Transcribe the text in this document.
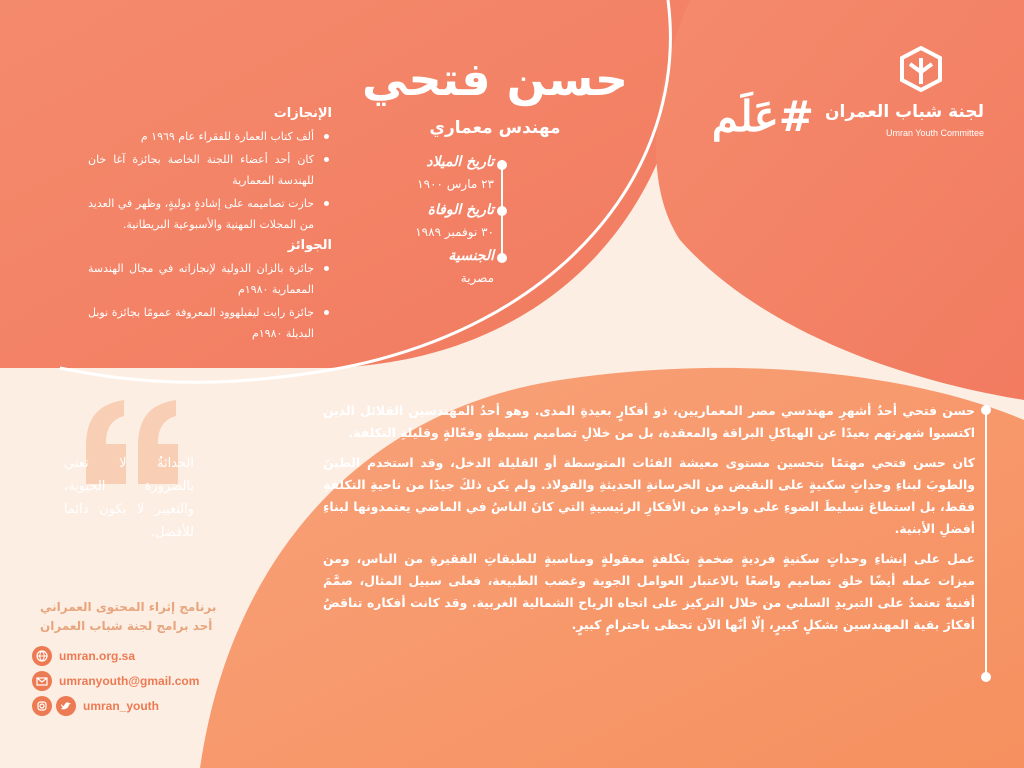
لجنة شباب العمران
Umran Youth Committee
#عَلَم
حسن فتحي
مهندس معماري
تاريخ الميلاد
٢٣ مارس ١٩٠٠
تاريخ الوفاة
٣٠ نوفمبر ١٩٨٩
الجنسية
مصرية
الإنجازات
ألف كتاب العمارة للفقراء عام ١٩٦٩ م
كان أحد أعضاء اللجنة الخاصة بجائزة آغا خان للهندسة المعمارية
حازت تصاميمه على إشادةٍ دوليةٍ، وظهر في العديد من المجلات المهنية والأسبوعية البريطانية.
الجوائز
جائزة بالزان الدولية لإنجازاته في مجال الهندسة المعمارية ١٩٨٠م
جائزة رايت ليفيلهوود المعروفة عمومًا بجائزة نوبل البديلة ١٩٨٠م
الحداثةُ لا تعني بالضرورة الحيوية، والتغيير لا يكون دائما للأفضل.
برنامج إثراء المحتوى العمراني
أحد برامج لجنة شباب العمران
umran.org.sa
umranyouth@gmail.com
umran_youth

حسن فتحي أحدُ أشهرِ مهندسي مصر المعماريين، ذو أفكارٍ بعيدةِ المدى. وهو أحدُ المهندسين القلائل الذين اكتسبوا شهرتهم بعيدًا عن الهياكلِ البراقة والمعقدة، بل من خلالِ تصاميم بسيطةٍ وفعّالةٍ وقليلةِ التكلفة.

كان حسن فتحي مهتمًا بتحسين مستوى معيشة الفئات المتوسطة أو القليلة الدخل، وقد استخدم الطينَ والطوبَ لبناءِ وحداتٍ سكنيةٍ على النقيض من الخرسانةِ الحديثةِ والفولاذ. ولم يكن ذلكَ جيدًا من ناحيةِ التكلفةِ فقط، بل استطاعَ تسليطَ الضوءِ على واحدةٍ من الأفكارِ الرئيسيةِ التي كانَ الناسُ في الماضي يعتمدونها لبناءِ أفضلِ الأبنية.

عمل على إنشاءِ وحداتٍ سكنيةٍ فرديةٍ ضخمةٍ بتكلفةٍ معقولةٍ ومناسبةٍ للطبقاتِ الفقيرةِ من الناس، ومن ميزات عمله أيضًا خلق تصاميم واضعًا بالاعتبار العوامل الجوية وغضب الطبيعة، فعلى سبيل المثال، صمَّمَ أفنيةً تعتمدُ على التبريدِ السلبي من خلال التركيز على اتجاه الرياح الشمالية الغربية. وقد كانت أفكاره تناقضُ أفكارَ بقية المهندسين بشكلٍ كبيرٍ، إلّا أنّها الآن تحظى باحترامٍ كبيرٍ.
